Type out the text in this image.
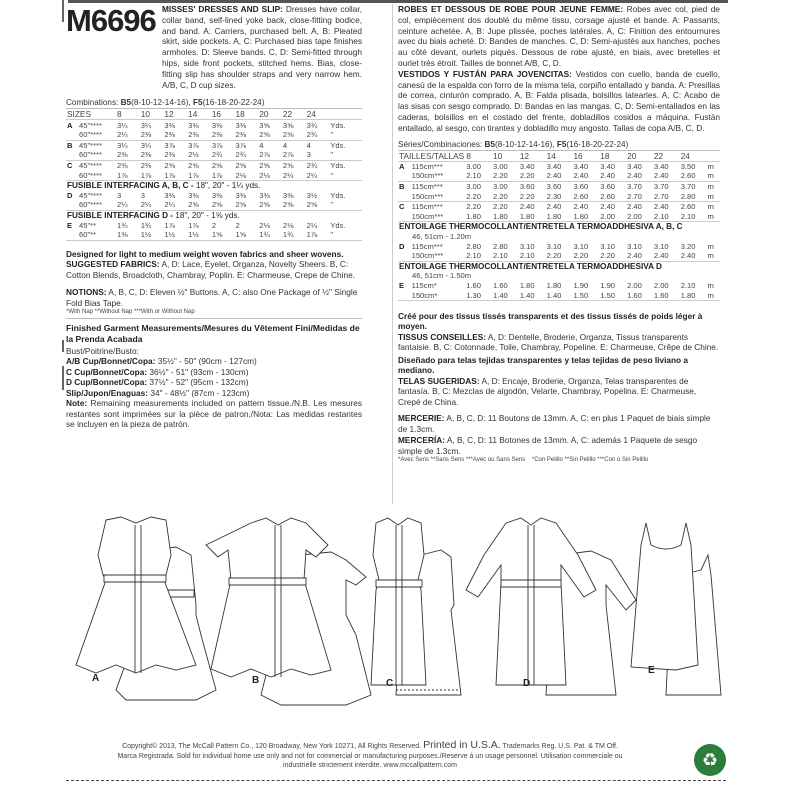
M6696 MISSES' DRESSES AND SLIP: Dresses have collar, collar band, self-lined yoke back, close-fitting bodice, and band. A: Carriers, purchased belt. A, B: Pleated skirt, side pockets. A, C: Purchased bias tape finishes armholes. D: Sleeve bands. C, D: Semi-fitted through hips, side front pockets, stitched hems. Bias, close-fitting slip has shoulder straps and very narrow hem. A/B, C, D cup sizes.
Combinations: B5(8-10-12-14-16), F5(16-18-20-22-24)
SIZES		8	10	12	14	16	18	20	22	24	
A	45"****	3¼	3¼	3⅜	3⅜	3⅜	3⅜	3⅝	3⅝	3¾	Yds.
	60"****	2¼	2⅜	2⅜	2⅜	2⅜	2⅜	2⅝	2⅝	2¾	"
B	45"****	3¼	3¼	3⅞	3⅞	3⅞	3⅞	4	4	4	Yds.
	60"****	2⅜	2⅜	2⅜	2½	2¾	2¾	2⅞	2⅞	3	"
C	45"****	2⅜	2⅜	2⅝	2⅝	2⅝	2⅝	2⅝	2⅝	2¾	Yds.
	60"****	1⅞	1⅞	1⅞	1⅞	1⅞	2⅛	2⅛	2¼	2¼	"
FUSIBLE INTERFACING A, B, C - 18", 20" - 1¼ yds.											
D	45"****	3	3	3⅜	3⅜	3⅜	3⅜	3⅜	3⅜	3½	Yds.
	60"****	2¼	2¼	2¼	2⅝	2⅝	2⅝	2⅝	2⅝	2⅝	"
FUSIBLE INTERFACING D - 18", 20" - 1⅝ yds.											
E	45"**	1¾	1¾	1⅞	1⅞	2	2	2⅛	2⅛	2¼	Yds.
	60"**	1⅜	1½	1½	1½	1⅝	1⅝	1¾	1¾	1⅞	"
Designed for light to medium weight woven fabrics and sheer wovens.
SUGGESTED FABRICS: A, D: Lace, Eyelet, Organza, Novelty Sheers. B, C: Cotton Blends, Broadcloth, Chambray, Poplin. E: Charmeuse, Crepe de Chine.
NOTIONS: A, B, C, D: Eleven ½" Buttons. A, C: also One Package of ½" Single Fold Bias Tape.
*With Nap **Without Nap ***With or Without Nap
Finished Garment Measurements/Mesures du Vêtement Fini/Medidas de la Prenda Acabada
Bust/Poitrine/Busto:
A/B Cup/Bonnet/Copa: 35½" - 50" (90cm - 127cm)
C Cup/Bonnet/Copa: 36½" - 51" (93cm - 130cm)
D Cup/Bonnet/Copa: 37½" - 52" (95cm - 132cm)
Slip/Jupon/Enaguas: 34" - 48½" (87cm - 123cm)
Note: Remaining measurements included on pattern tissue./N.B. Les mesures restantes sont imprimées sur la pièce de patron./Nota: Las medidas restantes se incluyen en la pieza de patrón.
ROBES ET DESSOUS DE ROBE POUR JEUNE FEMME: Robes avec col, pied de col, empiècement dos doublé du même tissu, corsage ajusté et bande. A: Passants, ceinture achetée. A, B: Jupe plissée, poches latérales. A, C: Finition des entournures avec du biais acheté. D: Bandes de manches. C, D: Semi-ajustés aux hanches, poches au côté devant, ourlets piqués. Dessous de robe ajusté, en biais, avec bretelles et ourlet très étroit. Tailles de bonnet A/B, C, D.
VESTIDOS Y FUSTÁN PARA JOVENCITAS: Vestidos con cuello, banda de cuello, canesú de la espalda con forro de la misma tela, corpiño entallado y banda. A: Presillas de correa, cinturón comprado. A, B: Falda plisada, bolsillos latearles. A, C: Acabo de las sisas con sesgo comprado. D: Bandas en las mangas. C, D: Semi-entallados en las caderas, bolsillos en el costado del frente, dobladillos cosidos a máquina. Fustán entallado, al sesgo, con tirantes y dobladillo muy angosto. Tallas de copa A/B, C, D.
Séries/Combinaciones: B5(8-10-12-14-16), F5(16-18-20-22-24)
TAILLES/TALLAS		8	10	12	14	16	18	20	22	24	
A	115cm***	3.00	3.00	3.40	3.40	3.40	3.40	3.40	3.40	3.50	m
	150cm***	2.10	2.20	2.20	2.40	2.40	2.40	2.40	2.40	2.60	m
B	115cm***	3.00	3.00	3.60	3.60	3.60	3.60	3.70	3.70	3.70	m
	150cm***	2.20	2.20	2.20	2.30	2.60	2.60	2.70	2.70	2.80	m
C	115cm***	2.20	2.20	2.40	2.40	2.40	2.40	2.40	2.40	2.60	m
	150cm***	1.80	1.80	1.80	1.80	1.80	2.00	2.00	2.10	2.10	m
ENTOILAGE THERMOCOLLANT/ENTRETELA TERMOADDHESIVA A, B, C											
46, 51cm - 1.20m											
D	115cm***	2.80	2.80	3.10	3.10	3.10	3.10	3.10	3.10	3.20	m
	150cm***	2.10	2.10	2.10	2.20	2.20	2.20	2.40	2.40	2.40	m
ENTOILAGE THERMOCOLLANT/ENTRETELA TERMOADDHESIVA D											
46, 51cm - 1.50m											
E	115cm*	1.60	1.60	1.80	1.80	1.90	1.90	2.00	2.00	2.10	m
	150cm*	1.30	1.40	1.40	1.40	1.50	1.50	1.60	1.60	1.80	m
Créé pour des tissus tissés transparents et des tissus tissés de poids léger à moyen.
TISSUS CONSEILLES: A, D: Dentelle, Broderie, Organza, Tissus transparents fantaisie. B, C: Cotonnade, Toile, Chambray, Popeline. E: Charmeuse, Crêpe de Chine.
Diseñado para telas tejidas transparentes y telas tejidas de peso liviano a mediano.
TELAS SUGERIDAS: A, D: Encaje, Broderie, Organza, Telas transparentes de fantasía. B, C: Mezclas de algodón, Velarte, Chambray, Popelina. E: Charmeuse, Crepé de China.
MERCERIE: A, B, C, D: 11 Boutons de 13mm. A, C: en plus 1 Paquet de biais simple de 1.3cm.
MERCERÍA: A, B, C, D: 11 Botones de 13mm. A, C: además 1 Paquete de sesgo simple de 1.3cm.
*Avec Sens **Sans Sens ***Avec ou Sans Sens *Con Pelillo **Sin Pelillo ***Con o Sin Pelillo
A	B	C	D
E
Copyright© 2013, The McCall Pattern Co., 120 Broadway, New York 10271, All Rights Reserved. Printed in U.S.A. Trademarks Reg. U.S. Pat. & TM Off.
Marca Registrada. Sold for individual home use only and not for commercial or manufacturing purposes./Reserve à un usage personnel. Utilisation commerciale ou
industrielle strictement interdite. www.mccallpattern.com	♻
